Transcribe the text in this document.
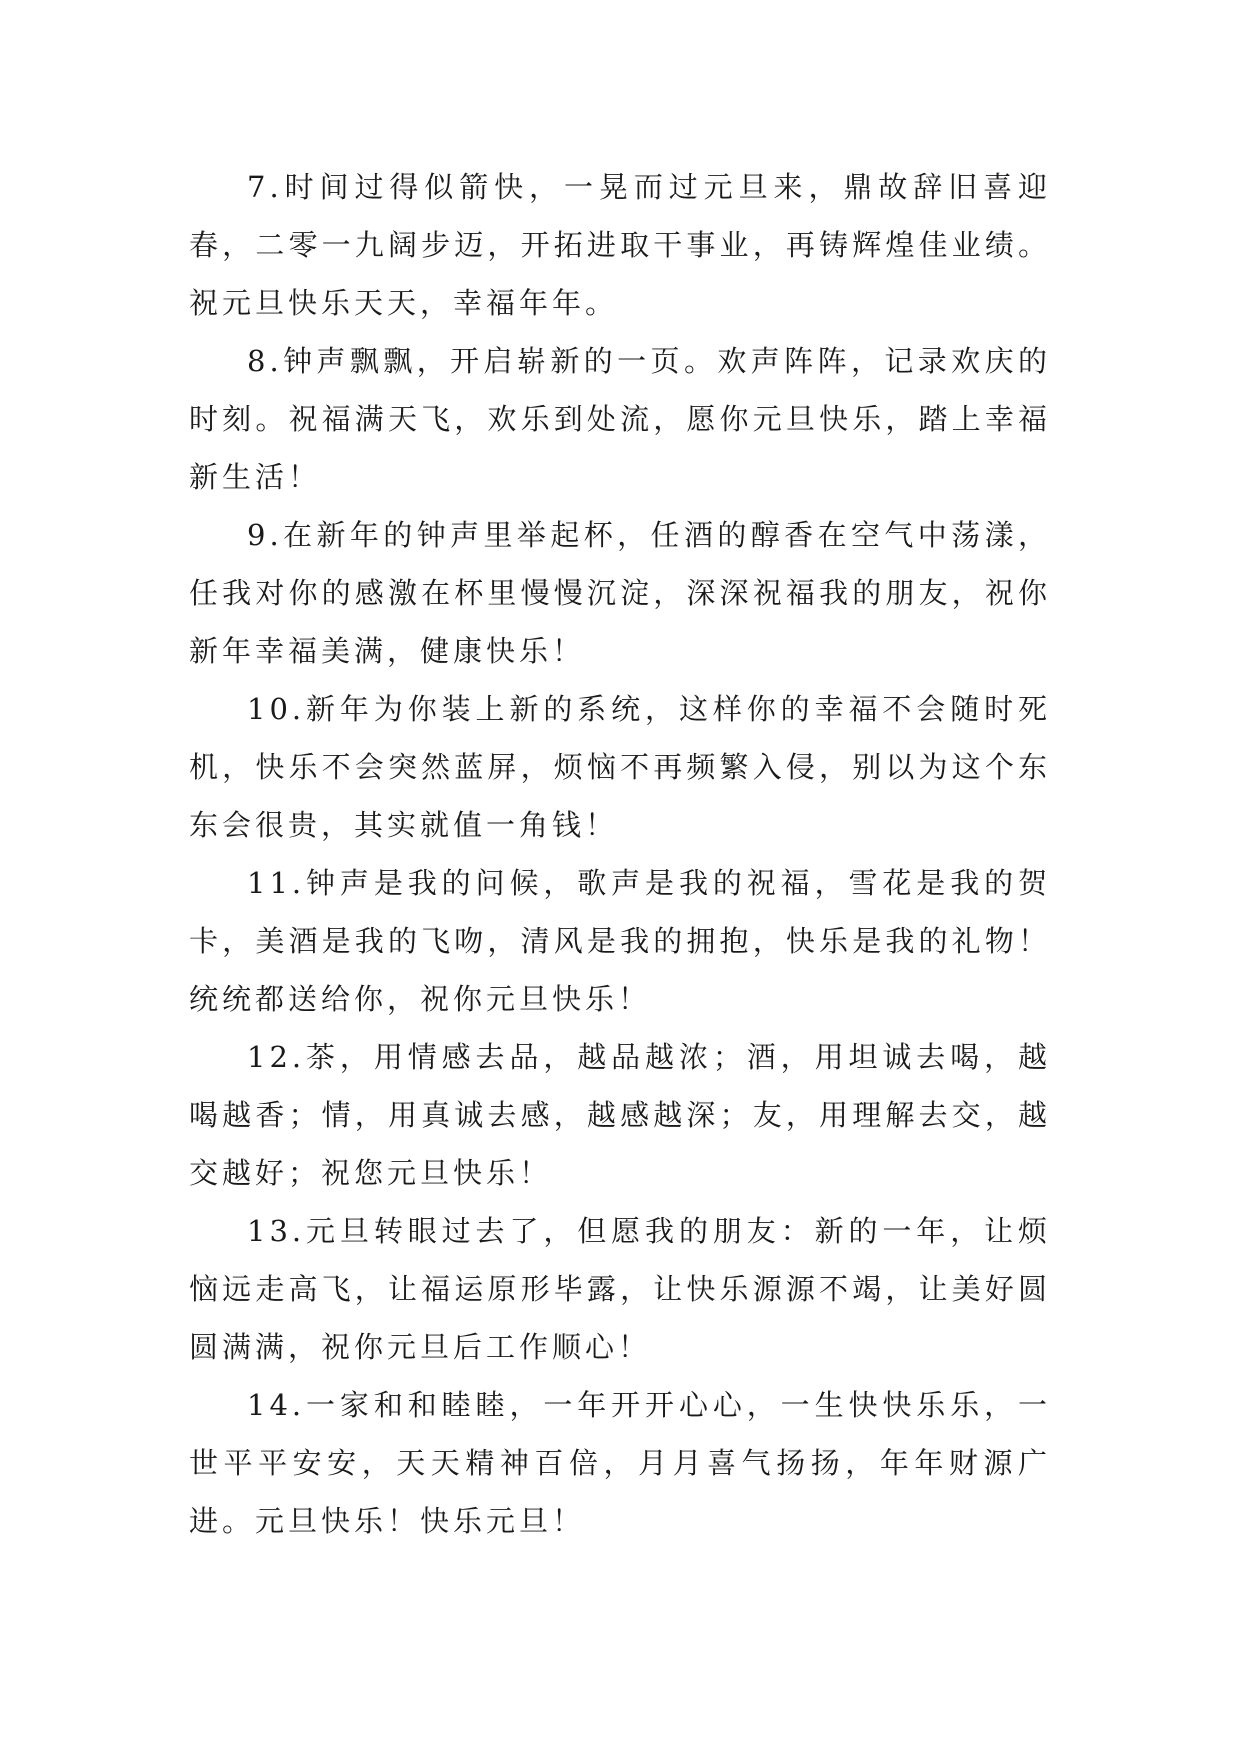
7.时间过得似箭快，一晃而过元旦来，鼎故辞旧喜迎春，二零一九阔步迈，开拓进取干事业，再铸辉煌佳业绩。祝元旦快乐天天，幸福年年。

8.钟声飘飘，开启崭新的一页。欢声阵阵，记录欢庆的时刻。祝福满天飞，欢乐到处流，愿你元旦快乐，踏上幸福新生活！

9.在新年的钟声里举起杯，任酒的醇香在空气中荡漾，任我对你的感激在杯里慢慢沉淀，深深祝福我的朋友，祝你新年幸福美满，健康快乐！

10.新年为你装上新的系统，这样你的幸福不会随时死机，快乐不会突然蓝屏，烦恼不再频繁入侵，别以为这个东东会很贵，其实就值一角钱！

11.钟声是我的问候，歌声是我的祝福，雪花是我的贺卡，美酒是我的飞吻，清风是我的拥抱，快乐是我的礼物！统统都送给你，祝你元旦快乐！

12.茶，用情感去品，越品越浓；酒，用坦诚去喝，越喝越香；情，用真诚去感，越感越深；友，用理解去交，越交越好；祝您元旦快乐！

13.元旦转眼过去了，但愿我的朋友：新的一年，让烦恼远走高飞，让福运原形毕露，让快乐源源不竭，让美好圆圆满满，祝你元旦后工作顺心！

14.一家和和睦睦，一年开开心心，一生快快乐乐，一世平平安安，天天精神百倍，月月喜气扬扬，年年财源广进。元旦快乐！快乐元旦！
